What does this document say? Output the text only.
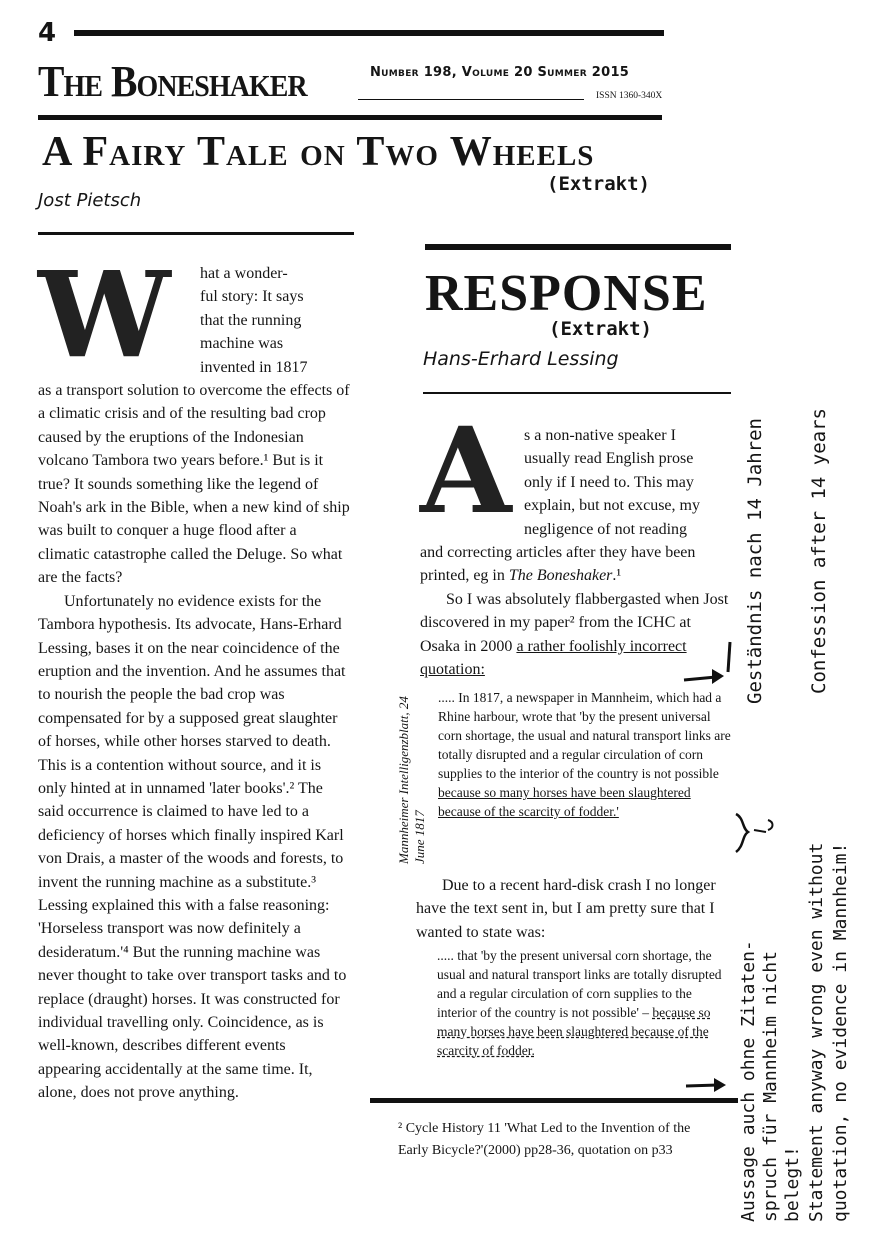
4
The Boneshaker	Number 198, Volume 20 Summer 2015
ISSN 1360-340X
A Fairy Tale on Two Wheels
(Extrakt)
Jost Pietsch
W hat a wonder-

ful story: It says

that the running

machine was

invented in 1817

as a transport solution to overcome the effects of a climatic crisis and of the resulting bad crop caused by the eruptions of the Indonesian volcano Tambora two years before.¹ But is it true? It sounds something like the legend of Noah's ark in the Bible, when a new kind of ship was built to conquer a huge flood after a climatic catastrophe called the Deluge. So what are the facts?

Unfortunately no evidence exists for the Tambora hypothesis. Its advocate, Hans-Erhard Lessing, bases it on the near coincidence of the eruption and the invention. And he assumes that to nourish the people the bad crop was compensated for by a supposed great slaughter of horses, while other horses starved to death. This is a contention without source, and it is only hinted at in unnamed 'later books'.² The said occurrence is claimed to have led to a deficiency of horses which finally inspired Karl von Drais, a master of the woods and forests, to invent the running machine as a substitute.³ Lessing explained this with a false reasoning: 'Horseless transport was now definitely a desideratum.'⁴ But the running machine was never thought to take over transport tasks and to replace (draught) horses. It was constructed for individual travelling only. Coincidence, as is well-known, describes different events appearing accidentally at the same time. It, alone, does not prove anything.

RESPONSE
(Extrakt)
Hans-Erhard Lessing
A s a non-native speaker I

usually read English prose

only if I need to. This may

explain, but not excuse, my

negligence of not reading

and correcting articles after they have been printed, eg in The Boneshaker.¹

So I was absolutely flabbergasted when Jost discovered in my paper² from the ICHC at Osaka in 2000 a rather foolishly incorrect quotation:

..... In 1817, a newspaper in Mannheim, which had a Rhine harbour, wrote that 'by the present universal corn shortage, the usual and natural transport links are totally disrupted and a regular circulation of corn supplies to the interior of the country is not possible because so many horses have been slaughtered because of the scarcity of fodder.'

Mannheimer Intelligenzblatt, 24 June 1817

Due to a recent hard-disk crash I no longer have the text sent in, but I am pretty sure that I wanted to state was:

..... that 'by the present universal corn shortage, the usual and natural transport links are totally disrupted and a regular circulation of corn supplies to the interior of the country is not possible' – because so many horses have been slaughtered because of the scarcity of fodder.

² Cycle History 11 'What Led to the Invention of the Early Bicycle?'(2000) pp28-36, quotation on p33

Geständnis nach 14 Jahren Confession after 14 years
Aussage auch ohne Zitaten- spruch für Mannheim nicht belegt! Statement anyway wrong even without quotation, no evidence in Mannheim!
